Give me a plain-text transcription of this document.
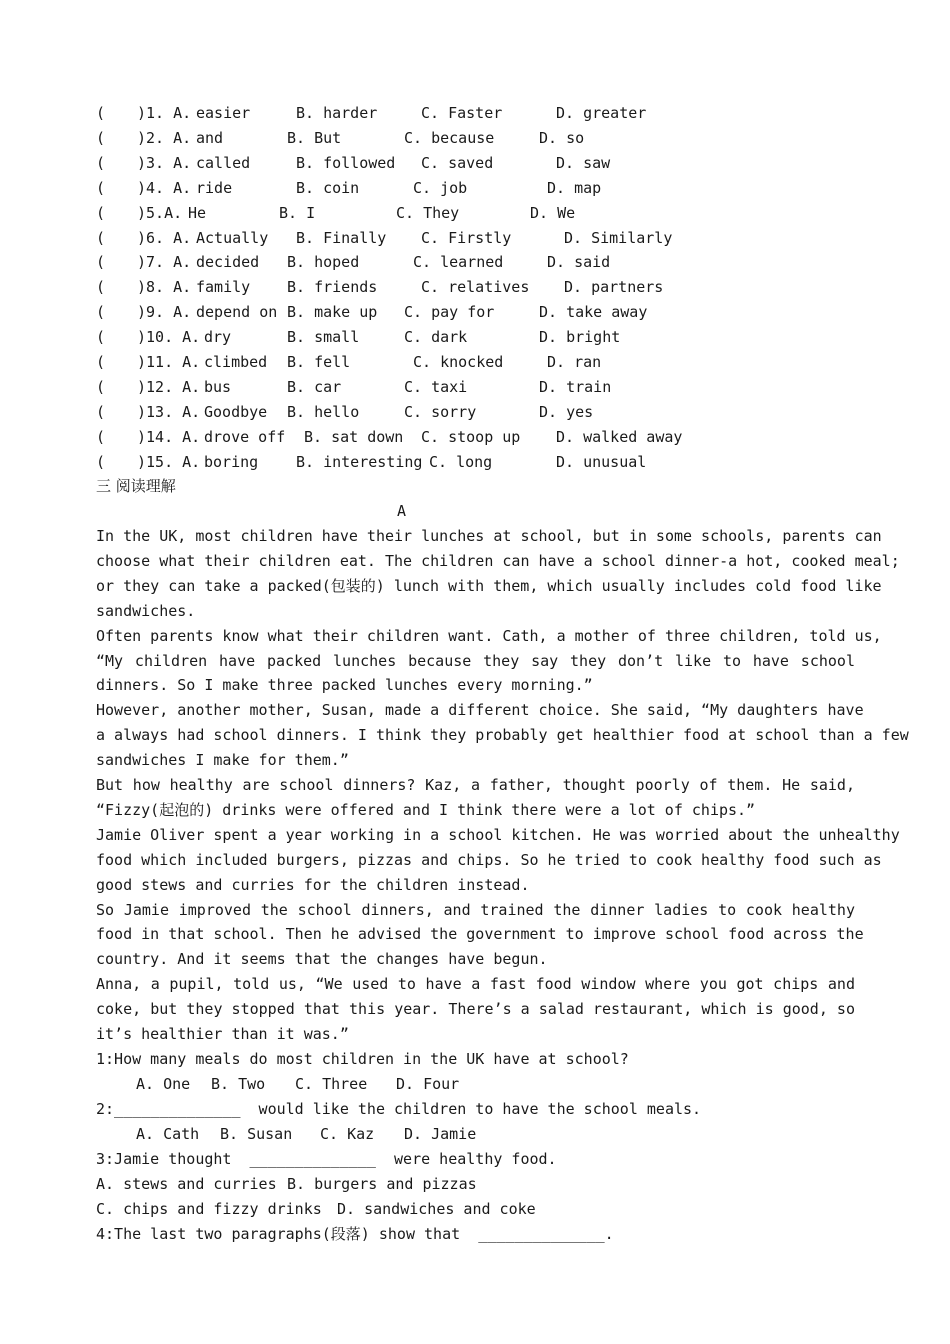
( )1. A. easier	B. harder	C. Faster	D. greater
( )2. A. and	B. But	C. because	D. so
( )3. A. called	B. followed C. saved	D. saw
( )4. A. ride	B. coin	C. job	D. map
( )5.A. He	B. I	C. They	D. We
( )6. A. Actually B. Finally C. Firstly	D. Similarly
( )7. A. decided B. hoped	C. learned	D. said
( )8. A. family B. friends	C. relatives D. partners
( )9. A. depend on B. make up C. pay for	D. take away
( )10. A. dry	B. small	C. dark	D. bright
( )11. A. climbed B. fell	C. knocked	D. ran
( )12. A. bus	B. car	C. taxi	D. train
( )13. A. Goodbye B. hello	C. sorry	D. yes
( )14. A. drove off B. sat down C. stoop up D. walked away
( )15. A. boring	B. interesting C. long	D. unusual
三 阅读理解
A
In the UK, most children have their lunches at school, but in some schools, parents can
choose what their children eat. The children can have a school dinner-a hot, cooked meal;
or they can take a packed(包装的) lunch with them, which usually includes cold food like
sandwiches.
Often parents know what their children want. Cath, a mother of three children, told us,
“My children have packed lunches because they say they don’t like to have school
dinners. So I make three packed lunches every morning.”
However, another mother, Susan, made a different choice. She said, “My daughters have
a always had school dinners. I think they probably get healthier food at school than a few
sandwiches I make for them.”
But how healthy are school dinners? Kaz, a father, thought poorly of them. He said,
“Fizzy(起泡的) drinks were offered and I think there were a lot of chips.”
Jamie Oliver spent a year working in a school kitchen. He was worried about the unhealthy
food which included burgers, pizzas and chips. So he tried to cook healthy food such as
good stews and curries for the children instead.
So Jamie improved the school dinners, and trained the dinner ladies to cook healthy
food in that school. Then he advised the government to improve school food across the
country. And it seems that the changes have begun.
Anna, a pupil, told us, “We used to have a fast food window where you got chips and
coke, but they stopped that this year. There’s a salad restaurant, which is good, so
it’s healthier than it was.”
1:How many meals do most children in the UK have at school?

A. One

B. Two

C. Three

D. Four

2:______________  would like the children to have the school meals.

A. Cath

B. Susan

C. Kaz

D. Jamie

3:Jamie thought  ______________  were healthy food.

A. stews and curries

B. burgers and pizzas

C. chips and fizzy drinks

D. sandwiches and coke

4:The last two paragraphs(段落) show that  ______________.
